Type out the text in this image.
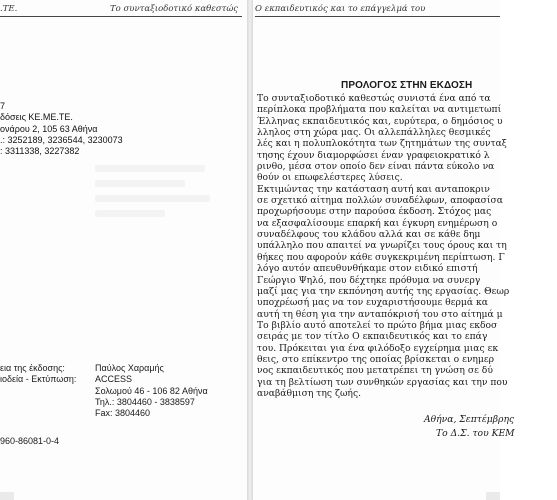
.ΤΕ.	Το συνταξιοδοτικό καθεστώς
7
δόσεις ΚΕ.ΜΕ.ΤΕ.
ονάρου 2, 105 63 Αθήνα
.: 3252189, 3236544, 3230073
: 3311338, 3227382
εια της έκδοσης:	Παύλος Χαραμής
ιοδεία - Εκτύπωση: ACCESS
Σολωμού 46 - 106 82 Αθήνα
Τηλ.: 3804460 - 3838597
Fax: 3804460
960-86081-0-4
Ο εκπαιδευτικός και το επάγγελμά του
ΠΡΟΛΟΓΟΣ ΣΤΗΝ ΕΚΔΟΣΗ
Το συνταξιοδοτικό καθεστώς συνιστά ένα από τα
περίπλοκα προβλήματα που καλείται να αντιμετωπί
Έλληνας εκπαιδευτικός και, ευρύτερα, ο δημόσιος υ
λληλος στη χώρα μας. Οι αλλεπάλληλες θεσμικές
λές και η πολυπλοκότητα των ζητημάτων της συνταξ
τησης έχουν διαμορφώσει έναν γραφειοκρατικό λ
ρινθο, μέσα στον οποίο δεν είναι πάντα εύκολο να
θούν οι επωφελέστερες λύσεις.
Εκτιμώντας την κατάσταση αυτή και ανταποκριν
σε σχετικό αίτημα πολλών συναδέλφων, αποφασίσα
προχωρήσουμε στην παρούσα έκδοση. Στόχος μας
να εξασφαλίσουμε επαρκή και έγκυρη ενημέρωση ο
συναδέλφους του κλάδου αλλά και σε κάθε δημ
υπάλληλο που απαιτεί να γνωρίζει τους όρους και τη
θήκες που αφορούν κάθε συγκεκριμένη περίπτωση. Γ
λόγο αυτόν απευθυνθήκαμε στον ειδικό επιστή
Γεώργιο Ψηλό, που δέχτηκε πρόθυμα να συνεργ
μαζί μας για την εκπόνηση αυτής της εργασίας. Θεωρ
υποχρέωσή μας να τον ευχαριστήσουμε θερμά κα
αυτή τη θέση για την ανταπόκρισή του στο αίτημά μ
Το βιβλίο αυτό αποτελεί το πρώτο βήμα μιας εκδοσ
σειράς με τον τίτλο Ο εκπαιδευτικός και το επάγ
του. Πρόκειται για ένα φιλόδοξο εγχείρημα μιας εκ
θεις, στο επίκεντρο της οποίας βρίσκεται ο ενημερ
νος εκπαιδευτικός που μετατρέπει τη γνώση σε δύ
για τη βελτίωση των συνθηκών εργασίας και την που
αναβάθμιση της ζωής.
Αθήνα, Σεπτέμβρης
Το Δ.Σ. του ΚΕΜ
